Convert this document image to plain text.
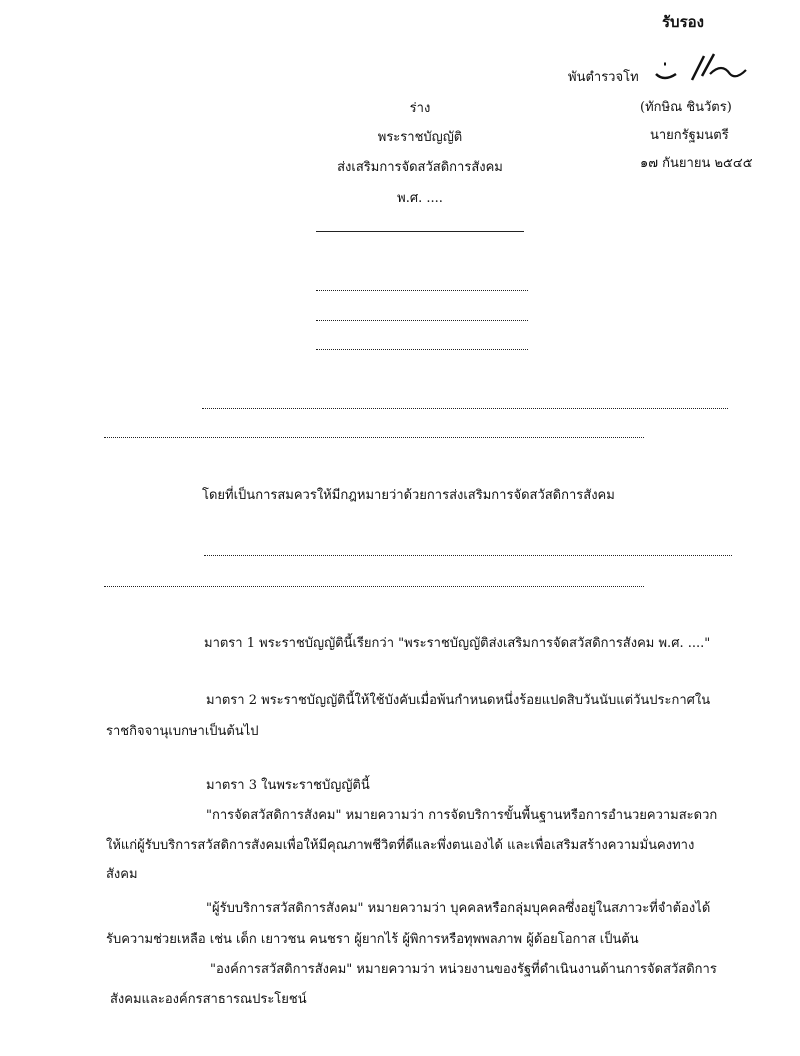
รับรอง
พันตำรวจโท
(ทักษิณ ชินวัตร)
นายกรัฐมนตรี
๑๗ กันยายน ๒๕๔๕
ร่าง
พระราชบัญญัติ
ส่งเสริมการจัดสวัสดิการสังคม
พ.ศ. ....
โดยที่เป็นการสมควรให้มีกฎหมายว่าด้วยการส่งเสริมการจัดสวัสดิการสังคม
มาตรา 1 พระราชบัญญัตินี้เรียกว่า "พระราชบัญญัติส่งเสริมการจัดสวัสดิการสังคม พ.ศ. ...."
มาตรา 2 พระราชบัญญัตินี้ให้ใช้บังคับเมื่อพ้นกำหนดหนึ่งร้อยแปดสิบวันนับแต่วันประกาศใน
ราชกิจจานุเบกษาเป็นต้นไป
มาตรา 3 ในพระราชบัญญัตินี้
"การจัดสวัสดิการสังคม" หมายความว่า การจัดบริการขั้นพื้นฐานหรือการอำนวยความสะดวก
ให้แก่ผู้รับบริการสวัสดิการสังคมเพื่อให้มีคุณภาพชีวิตที่ดีและพึ่งตนเองได้ และเพื่อเสริมสร้างความมั่นคงทาง
สังคม
"ผู้รับบริการสวัสดิการสังคม" หมายความว่า บุคคลหรือกลุ่มบุคคลซึ่งอยู่ในสภาวะที่จำต้องได้
รับความช่วยเหลือ เช่น เด็ก เยาวชน คนชรา ผู้ยากไร้ ผู้พิการหรือทุพพลภาพ ผู้ด้อยโอกาส เป็นต้น
"องค์การสวัสดิการสังคม" หมายความว่า หน่วยงานของรัฐที่ดำเนินงานด้านการจัดสวัสดิการ
สังคมและองค์กรสาธารณประโยชน์
